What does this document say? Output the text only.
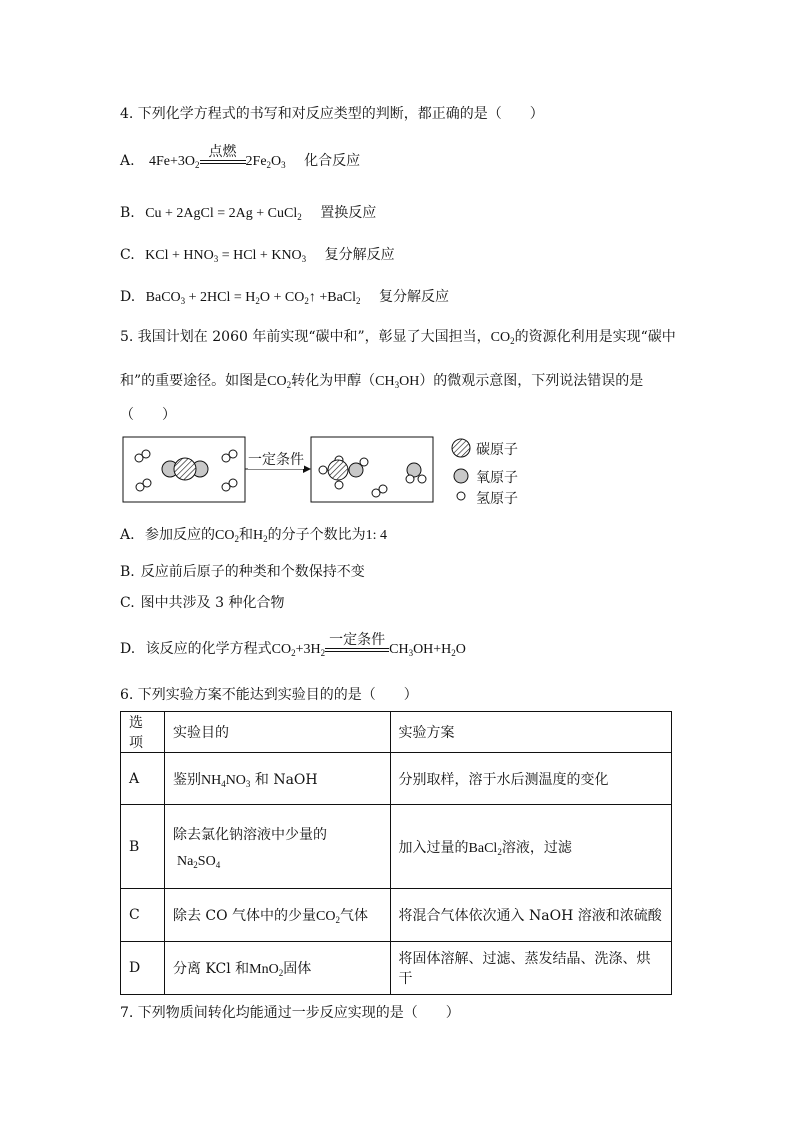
4. 下列化学方程式的书写和对反应类型的判断，都正确的是（　　）
A. $4Fe+3O_2$
点燃
$2Fe_2O_3$ 化合反应
B. Cu + 2AgCl = 2Ag + CuCl$_2$ 置换反应
C. KCl + $HNO_3$ = HCl + $KNO_3$ 复分解反应
D. BaCO$_3$ + $2HCl = H_2O$ + $CO_2↑$ +BaCl$_2$ 复分解反应
5. 我国计划在 2060 年前实现“碳中和”，彰显了大国担当，$CO_2$的资源化利用是实现“碳中
和”的重要途径。如图是$CO_2$转化为甲醇$(CH_3OH)$的微观示意图，下列说法错误的是
（　　）
一定条件
碳原子
氧原子
氢原子
A. 参加反应的$CO_2$和$H_2$的分子个数比为1: 4
B. 反应前后原子的种类和个数保持不变
C. 图中共涉及 3 种化合物
D. 该反应的化学方程式$CO_2+3H_2$
一定条件
$CH_3OH+H_2O$
6. 下列实验方案不能达到实验目的的是（　　）
选项	实验目的	实验方案
A	鉴别$NH_4NO_3$ 和 NaOH	分别取样，溶于水后测温度的变化
B	除去氯化钠溶液中少量的
$Na_2SO_4$	加入过量的BaCl$_2$溶液，过滤
C	除去 CO 气体中的少量$CO_2$气体	将混合气体依次通入 NaOH 溶液和浓硫酸
D	分离 KCl 和MnO$_2$固体	将固体溶解、过滤、蒸发结晶、洗涤、烘干
7. 下列物质间转化均能通过一步反应实现的是（　　）
